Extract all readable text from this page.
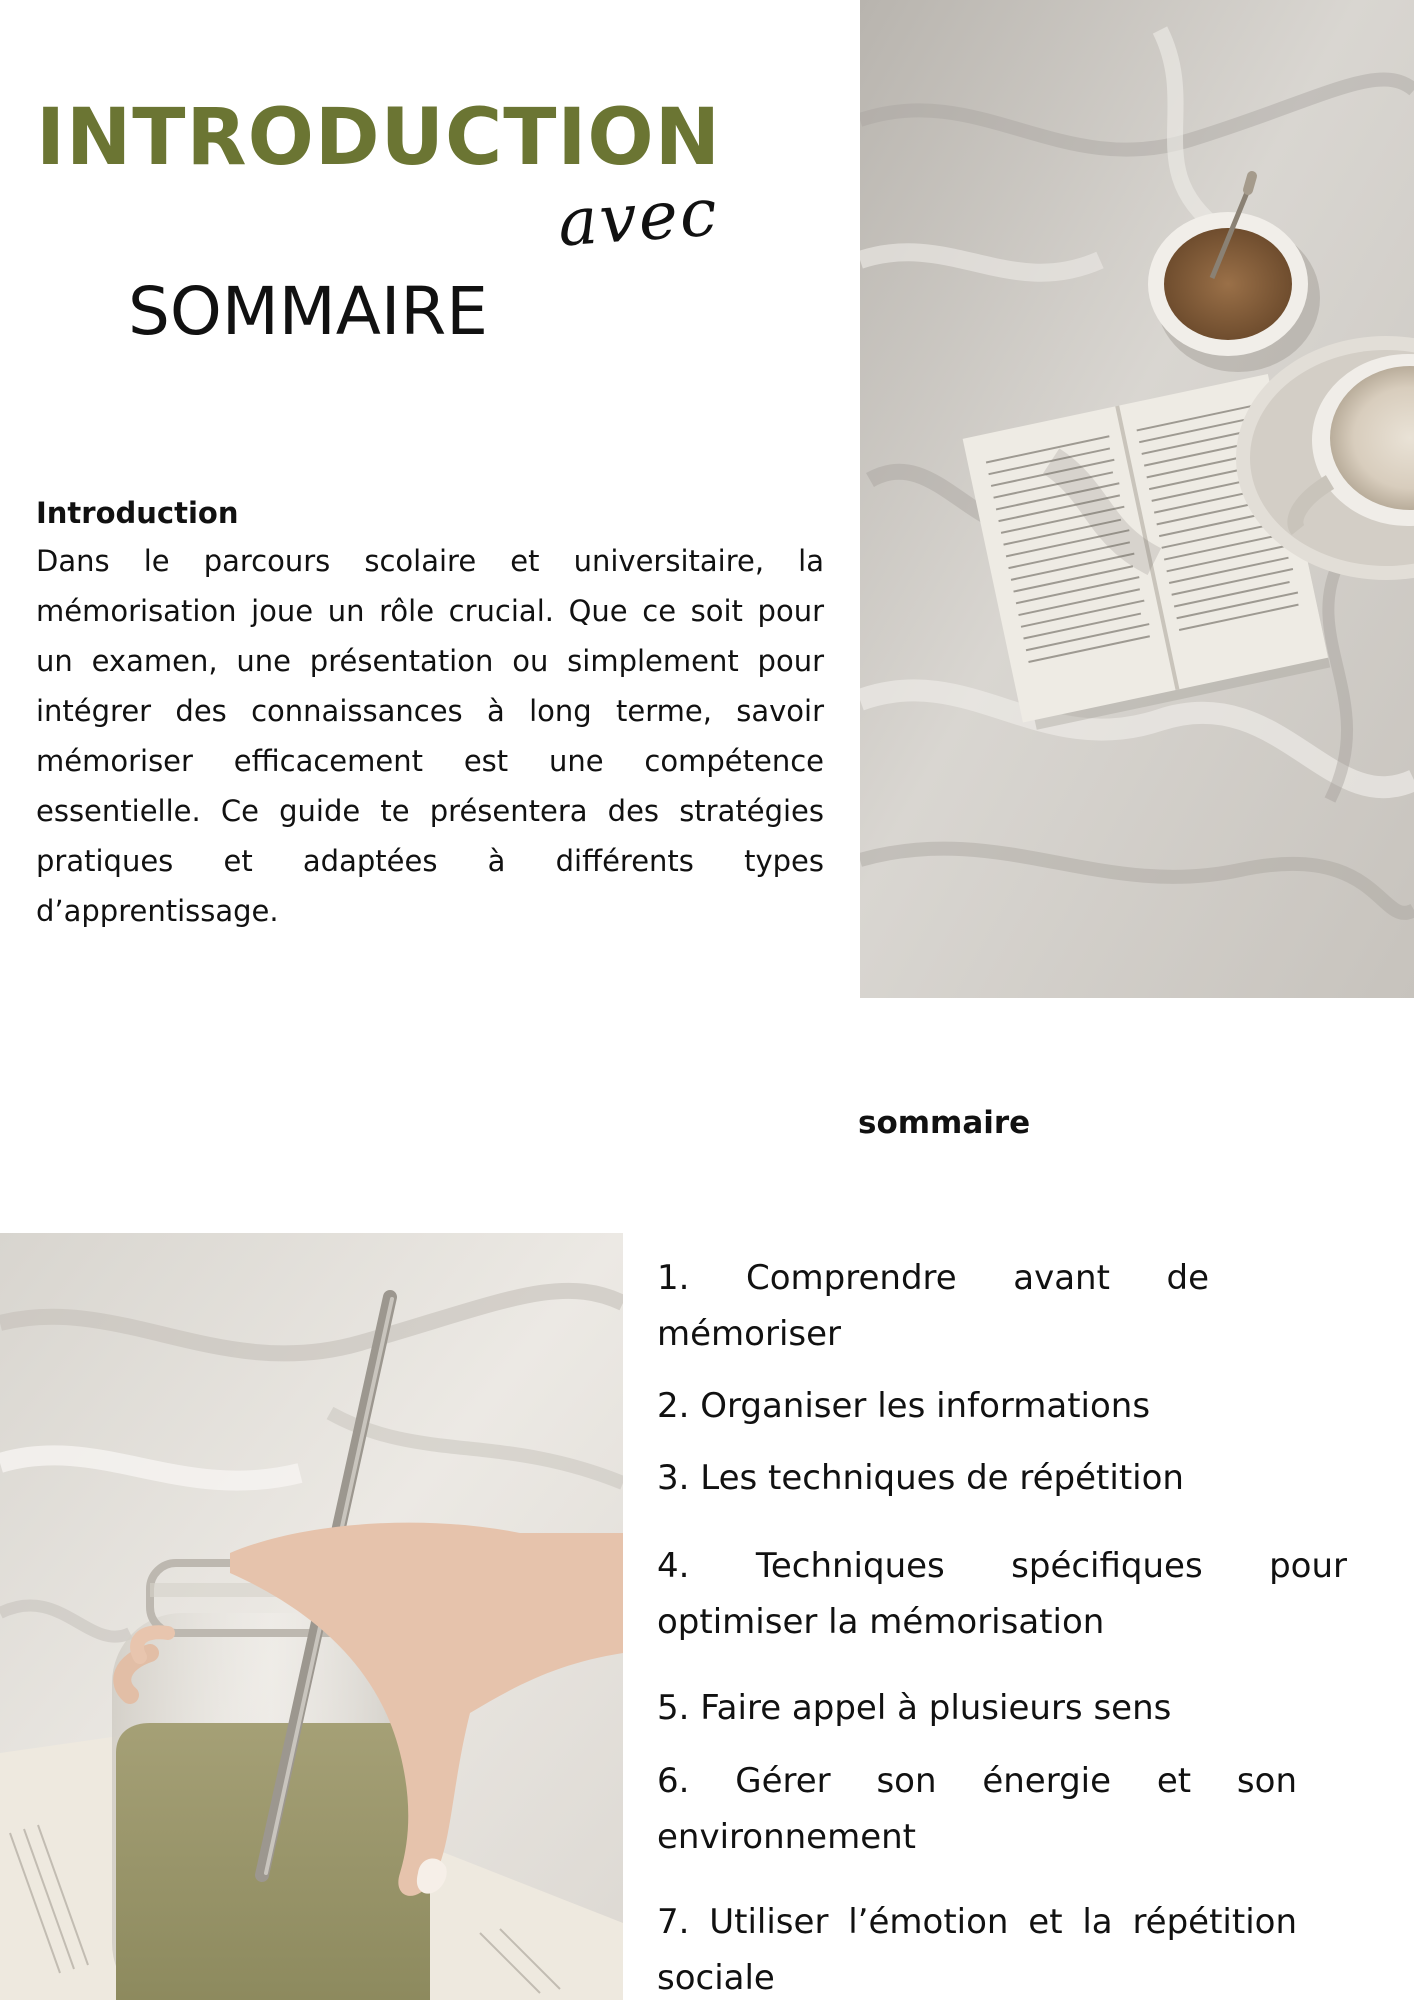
INTRODUCTION
avec
SOMMAIRE
Introduction
Dans le parcours scolaire et universitaire, la mémorisation joue un rôle crucial. Que ce soit pour un examen, une présentation ou simplement pour intégrer des connaissances à long terme, savoir mémoriser efficacement est une compétence essentielle. Ce guide te présentera des stratégies pratiques et adaptées à différents types d’apprentissage.
sommaire
1. Comprendre avant de mémoriser
2. Organiser les informations
3. Les techniques de répétition
4. Techniques spécifiques pour optimiser la mémorisation
5. Faire appel à plusieurs sens
6. Gérer son énergie et son environnement
7. Utiliser l’émotion et la répétition sociale
